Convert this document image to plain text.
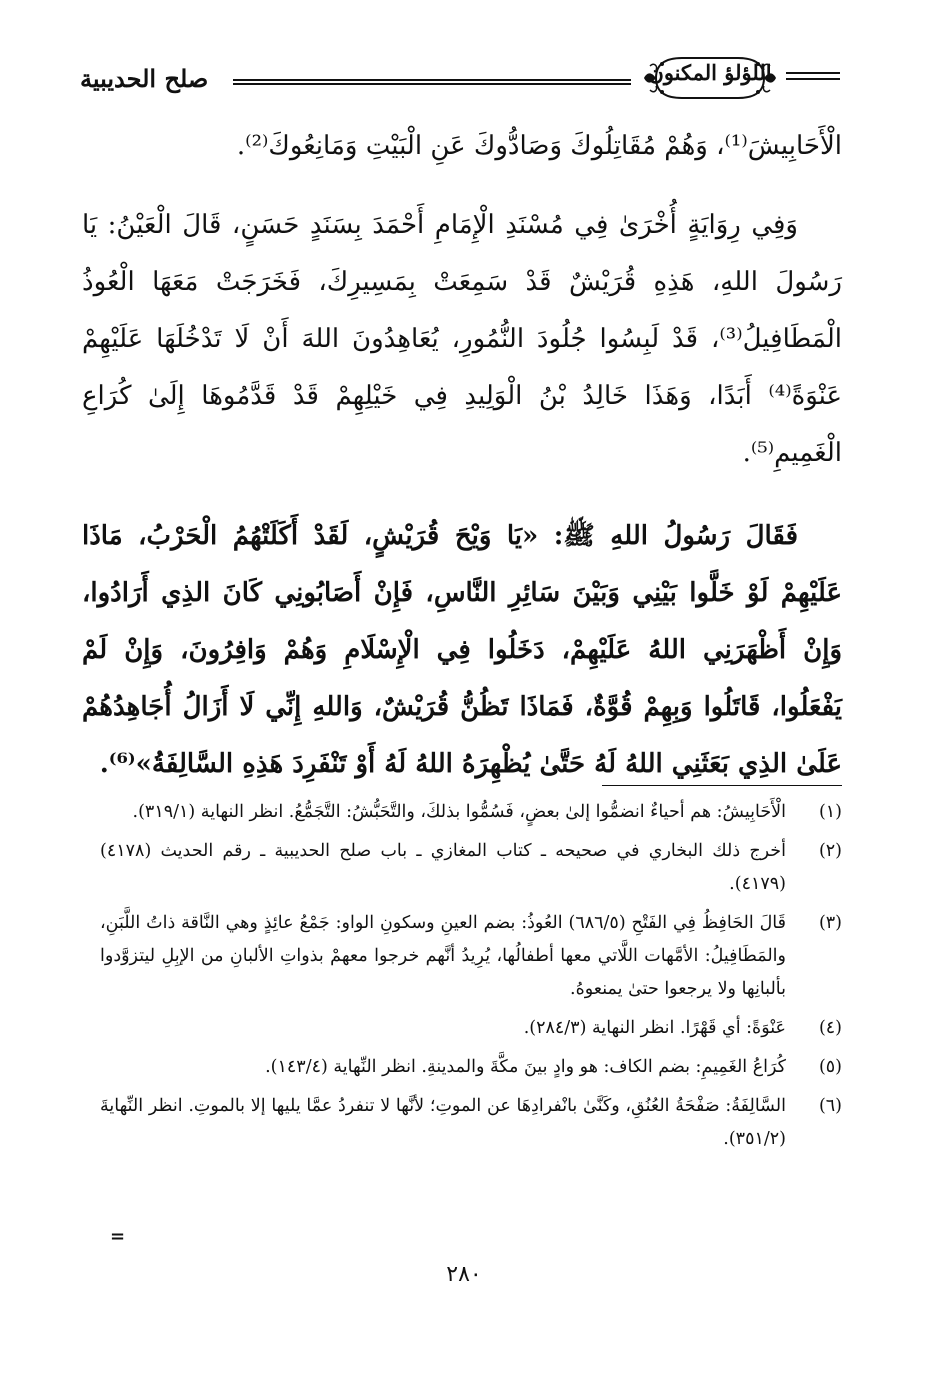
صلح الحديبية	اللؤلؤ المكنون

الْأَحَابِيشَ⁽¹⁾، وَهُمْ مُقَاتِلُوكَ وَصَادُّوكَ عَنِ الْبَيْتِ وَمَانِعُوكَ⁽²⁾.

وَفِي رِوَايَةٍ أُخْرَىٰ فِي مُسْنَدِ الْإِمَامِ أَحْمَدَ بِسَنَدٍ حَسَنٍ، قَالَ الْعَيْنُ: يَا رَسُولَ اللهِ، هَذِهِ قُرَيْشٌ قَدْ سَمِعَتْ بِمَسِيرِكَ، فَخَرَجَتْ مَعَهَا الْعُوذُ الْمَطَافِيلُ⁽³⁾، قَدْ لَبِسُوا جُلُودَ النُّمُورِ، يُعَاهِدُونَ اللهَ أَنْ لَا تَدْخُلَهَا عَلَيْهِمْ عَنْوَةً⁽⁴⁾ أَبَدًا، وَهَذَا خَالِدُ بْنُ الْوَلِيدِ فِي خَيْلِهِمْ قَدْ قَدَّمُوهَا إِلَىٰ كُرَاعِ الْغَمِيمِ⁽⁵⁾.

فَقَالَ رَسُولُ اللهِ ﷺ: «يَا وَيْحَ قُرَيْشٍ، لَقَدْ أَكَلَتْهُمُ الْحَرْبُ، مَاذَا عَلَيْهِمْ لَوْ خَلَّوا بَيْنِي وَبَيْنَ سَائِرِ النَّاسِ، فَإِنْ أَصَابُونِي كَانَ الذِي أَرَادُوا، وَإِنْ أَظْهَرَنِي اللهُ عَلَيْهِمْ، دَخَلُوا فِي الْإِسْلَامِ وَهُمْ وَافِرُونَ، وَإِنْ لَمْ يَفْعَلُوا، قَاتَلُوا وَبِهِمْ قُوَّةٌ، فَمَاذَا تَظُنُّ قُرَيْشٌ، وَاللهِ إِنِّي لَا أَزَالُ أُجَاهِدُهُمْ عَلَىٰ الذِي بَعَثَنِي اللهُ لَهُ حَتَّىٰ يُظْهِرَهُ اللهُ لَهُ أَوْ تَنْفَرِدَ هَذِهِ السَّالِفَةُ»⁽⁶⁾.

(١)
الْأَحَابِيشُ: هم أحياءٌ انضمُّوا إلىٰ بعضٍ، فَسُمُّوا بذلكَ، والتَّحَبُّشُ: التَّجَمُّعُ. انظر النهاية (٣١٩/١).
(٢)
أخرج ذلك البخاري في صحيحه ـ كتاب المغازي ـ باب صلح الحديبية ـ رقم الحديث (٤١٧٨) (٤١٧٩).
(٣)
قَالَ الحَافِظُ فِي الفَتْحِ (٦٨٦/٥) العُوذُ: بضم العينِ وسكونِ الواو: جَمْعُ عائِذٍ وهي النَّاقة ذاتُ اللَّبَنِ، والمَطَافِيلُ: الأمَّهات اللَّاتي معها أطفالُها، يُرِيدُ أنَّهم خرجوا معهمْ بذواتِ الألبانِ من الإبِلِ ليتزوَّدوا بألبانِها ولا يرجعوا حتىٰ يمنعوهُ.
(٤)
عَنْوَةً: أي قَهْرًا. انظر النهاية (٢٨٤/٣).
(٥)
كُرَاعُ الغَمِيمِ: بضم الكاف: هو وادٍ بينَ مكَّةَ والمدينةِ. انظر النِّهاية (١٤٣/٤).
(٦)
السَّالِفَةُ: صَفْحَةُ العُنُقِ، وكَنَّىٰ بانْفرادِهَا عن الموتِ؛ لأنَّها لا تنفردُ عمَّا يليها إلا بالموتِ. انظر النِّهايةَ (٣٥١/٢).
=
٢٨٠
